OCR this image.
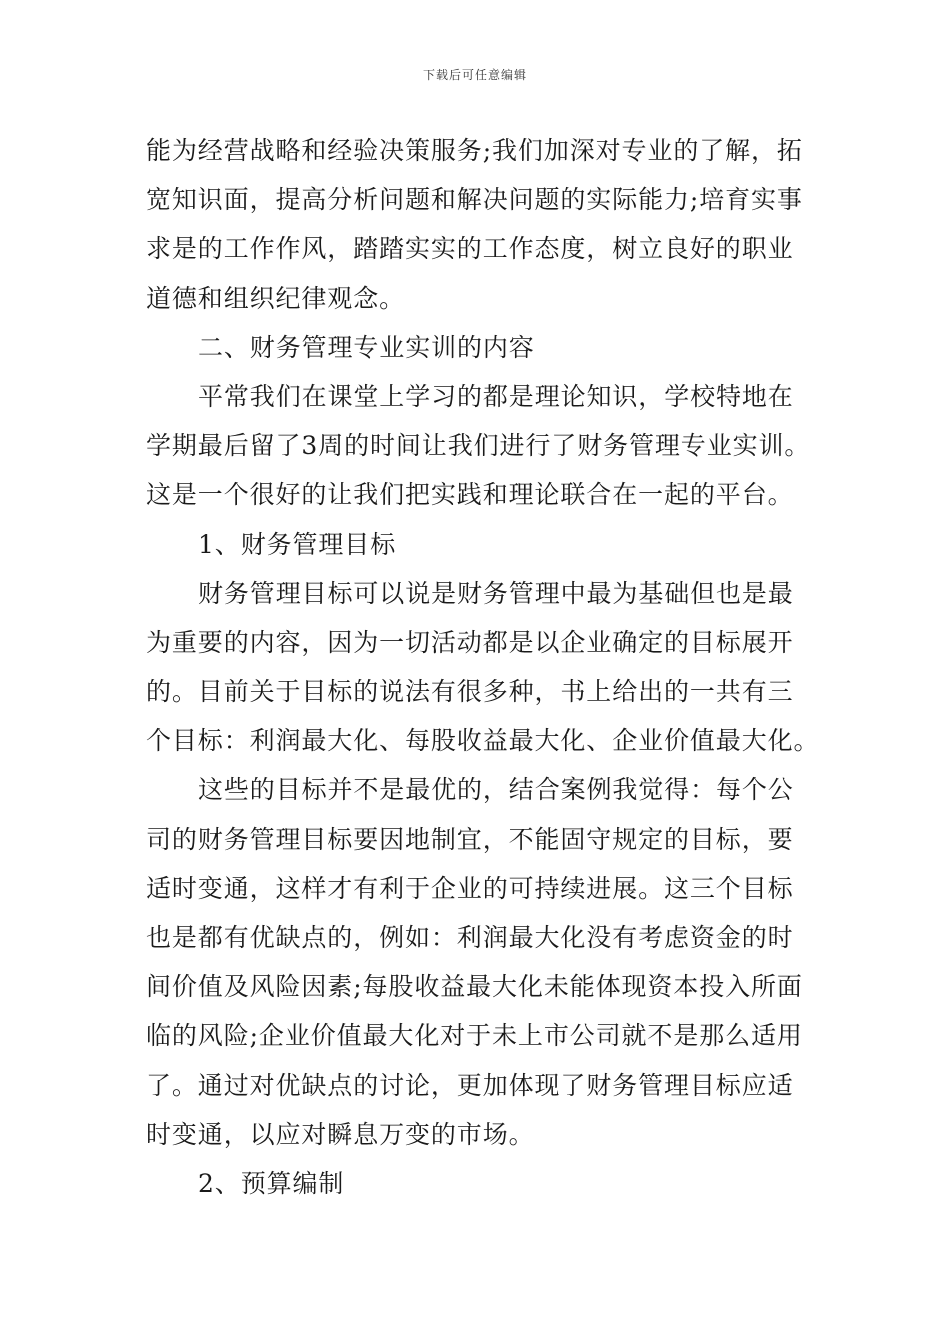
下载后可任意编辑
能为经营战略和经验决策服务;我们加深对专业的了解，拓
宽知识面，提高分析问题和解决问题的实际能力;培育实事
求是的工作作风，踏踏实实的工作态度，树立良好的职业
道德和组织纪律观念。
二、财务管理专业实训的内容
平常我们在课堂上学习的都是理论知识，学校特地在
学期最后留了3周的时间让我们进行了财务管理专业实训。
这是一个很好的让我们把实践和理论联合在一起的平台。
1、财务管理目标
财务管理目标可以说是财务管理中最为基础但也是最
为重要的内容，因为一切活动都是以企业确定的目标展开
的。目前关于目标的说法有很多种，书上给出的一共有三
个目标：利润最大化、每股收益最大化、企业价值最大化。
这些的目标并不是最优的，结合案例我觉得：每个公
司的财务管理目标要因地制宜，不能固守规定的目标，要
适时变通，这样才有利于企业的可持续进展。这三个目标
也是都有优缺点的，例如：利润最大化没有考虑资金的时
间价值及风险因素;每股收益最大化未能体现资本投入所面
临的风险;企业价值最大化对于未上市公司就不是那么适用
了。通过对优缺点的讨论，更加体现了财务管理目标应适
时变通，以应对瞬息万变的市场。
2、预算编制
